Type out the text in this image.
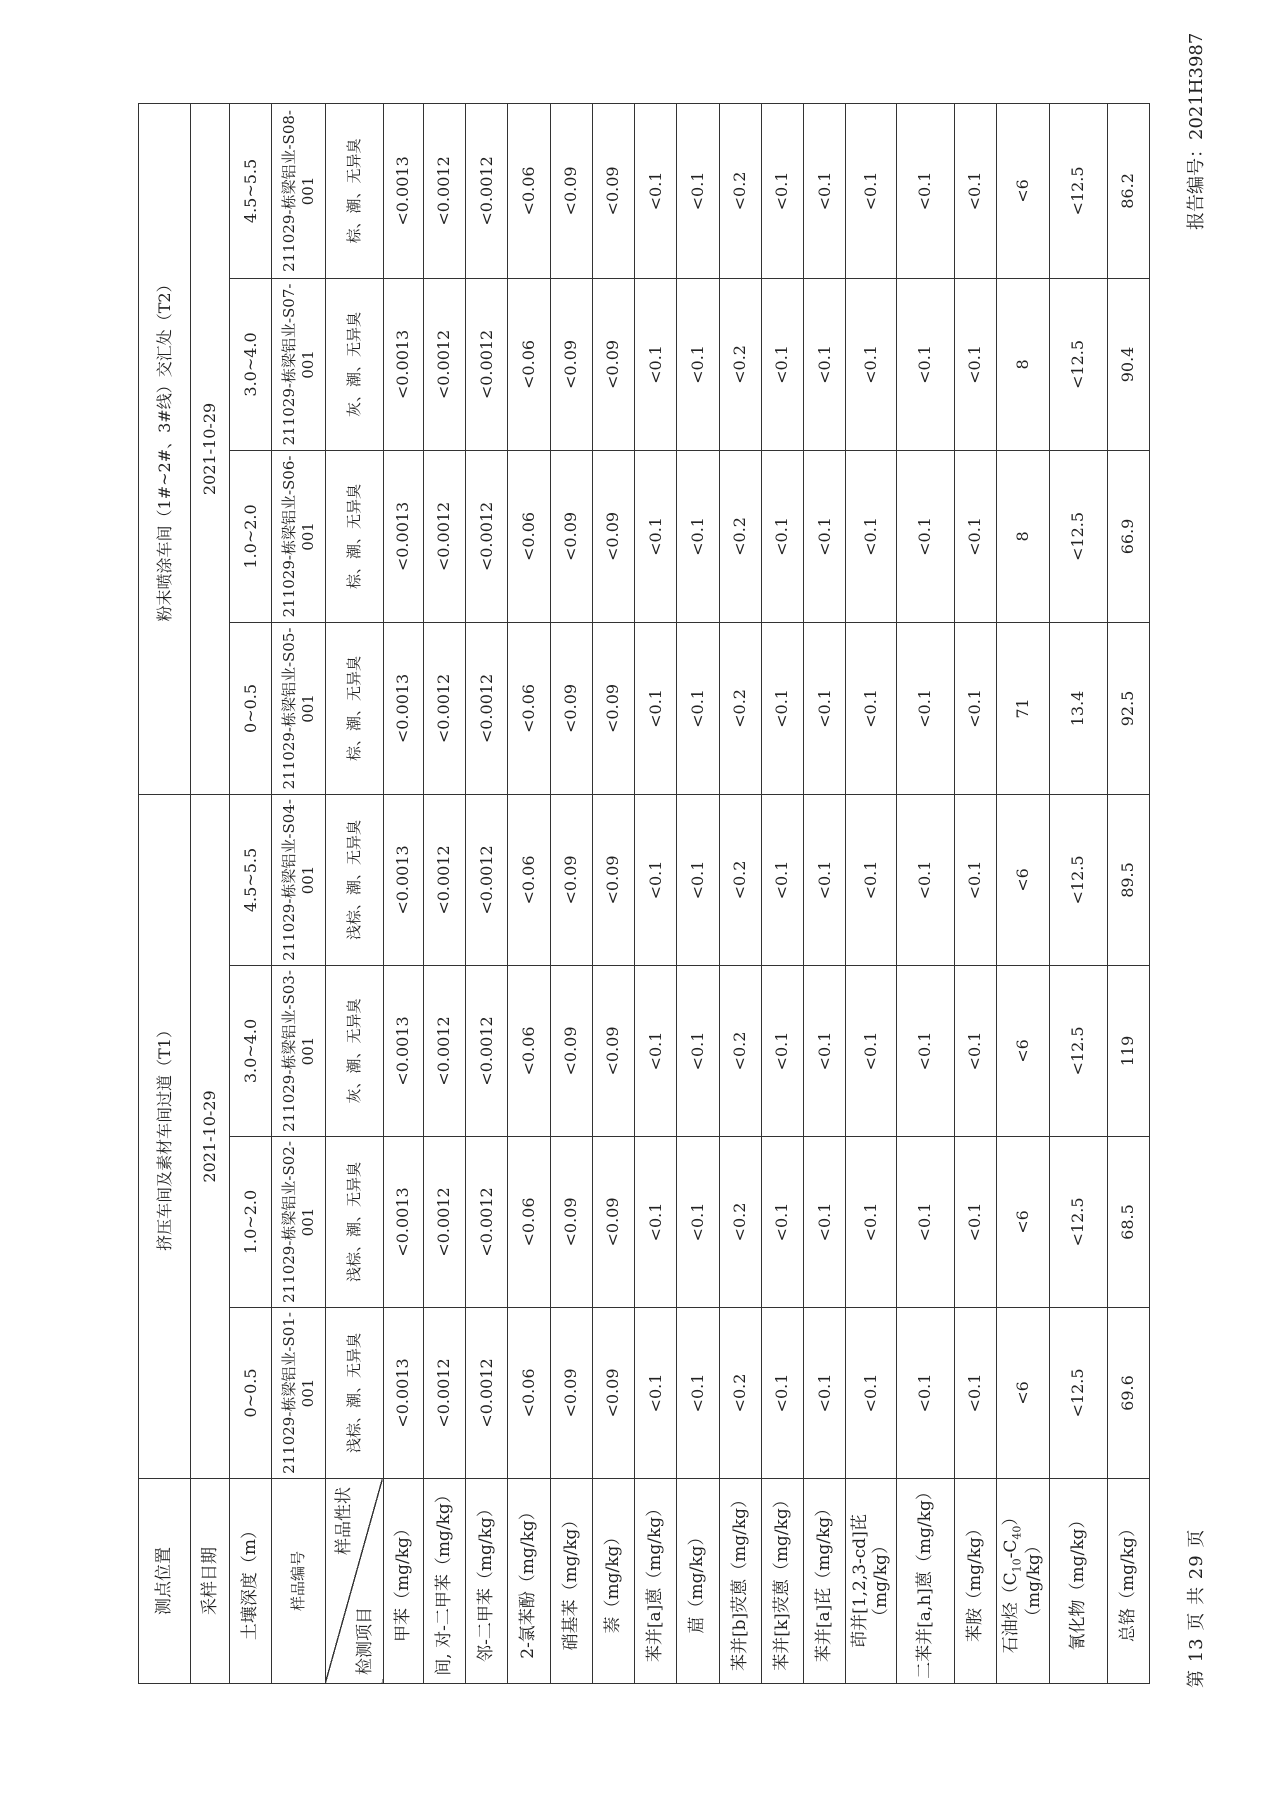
报告编号：2021H3987
第 13 页 共 29 页
测点位置	挤压车间及素材车间过道（T1）				粉末喷涂车间（1#~2#、3#线）交汇处（T2）			
采样日期	2021-10-29				2021-10-29			
土壤深度（m）	0~0.5	1.0~2.0	3.0~4.0	4.5~5.5	0~0.5	1.0~2.0	3.0~4.0	4.5~5.5
样品编号	211029-栋梁铝业-S01-001	211029-栋梁铝业-S02-001	211029-栋梁铝业-S03-001	211029-栋梁铝业-S04-001	211029-栋梁铝业-S05-001	211029-栋梁铝业-S06-001	211029-栋梁铝业-S07-001	211029-栋梁铝业-S08-001

样品性状
检测项目	浅棕、潮、无异臭	浅棕、潮、无异臭	灰、潮、无异臭	浅棕、潮、无异臭	棕、潮、无异臭	棕、潮、无异臭	灰、潮、无异臭	棕、潮、无异臭
甲苯（mg/kg）	<0.0013	<0.0013	<0.0013	<0.0013	<0.0013	<0.0013	<0.0013	<0.0013
间, 对-二甲苯（mg/kg）	<0.0012	<0.0012	<0.0012	<0.0012	<0.0012	<0.0012	<0.0012	<0.0012
邻-二甲苯（mg/kg）	<0.0012	<0.0012	<0.0012	<0.0012	<0.0012	<0.0012	<0.0012	<0.0012
2-氯苯酚（mg/kg）	<0.06	<0.06	<0.06	<0.06	<0.06	<0.06	<0.06	<0.06
硝基苯（mg/kg）	<0.09	<0.09	<0.09	<0.09	<0.09	<0.09	<0.09	<0.09
萘（mg/kg）	<0.09	<0.09	<0.09	<0.09	<0.09	<0.09	<0.09	<0.09
苯并[a]蒽（mg/kg）	<0.1	<0.1	<0.1	<0.1	<0.1	<0.1	<0.1	<0.1
䓛（mg/kg）	<0.1	<0.1	<0.1	<0.1	<0.1	<0.1	<0.1	<0.1
苯并[b]荧蒽（mg/kg）	<0.2	<0.2	<0.2	<0.2	<0.2	<0.2	<0.2	<0.2
苯并[k]荧蒽（mg/kg）	<0.1	<0.1	<0.1	<0.1	<0.1	<0.1	<0.1	<0.1
苯并[a]芘（mg/kg）	<0.1	<0.1	<0.1	<0.1	<0.1	<0.1	<0.1	<0.1
茚并[1,2,3-cd]芘（mg/kg）	<0.1	<0.1	<0.1	<0.1	<0.1	<0.1	<0.1	<0.1
二苯并[a,h]蒽（mg/kg）	<0.1	<0.1	<0.1	<0.1	<0.1	<0.1	<0.1	<0.1
苯胺（mg/kg）	<0.1	<0.1	<0.1	<0.1	<0.1	<0.1	<0.1	<0.1
石油烃$(C_{10}-C_{40})(mg/kg)$	<6	<6	<6	<6	71	8	8	<6
氰化物（mg/kg）	<12.5	<12.5	<12.5	<12.5	13.4	<12.5	<12.5	<12.5
总铬（mg/kg）	69.6	68.5	119	89.5	92.5	66.9	90.4	86.2
